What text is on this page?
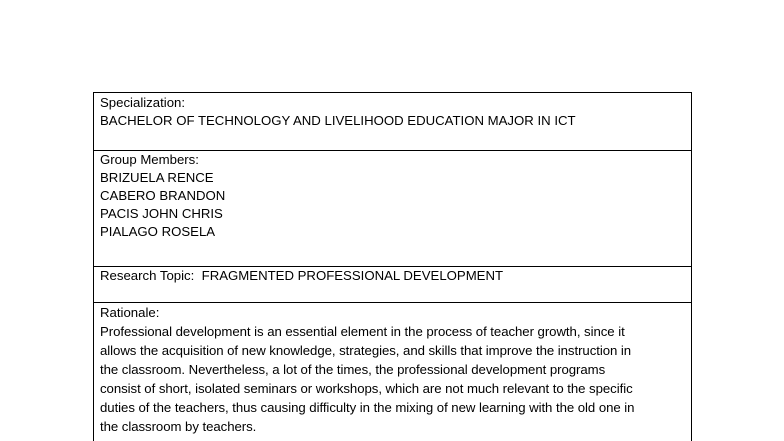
Specialization:
BACHELOR OF TECHNOLOGY AND LIVELIHOOD EDUCATION MAJOR IN ICT
Group Members:
BRIZUELA RENCE
CABERO BRANDON
PACIS JOHN CHRIS
PIALAGO ROSELA
Research Topic: FRAGMENTED PROFESSIONAL DEVELOPMENT
Rationale:
Professional development is an essential element in the process of teacher growth, since it
allows the acquisition of new knowledge, strategies, and skills that improve the instruction in
the classroom. Nevertheless, a lot of the times, the professional development programs
consist of short, isolated seminars or workshops, which are not much relevant to the specific
duties of the teachers, thus causing difficulty in the mixing of new learning with the old one in
the classroom by teachers.
